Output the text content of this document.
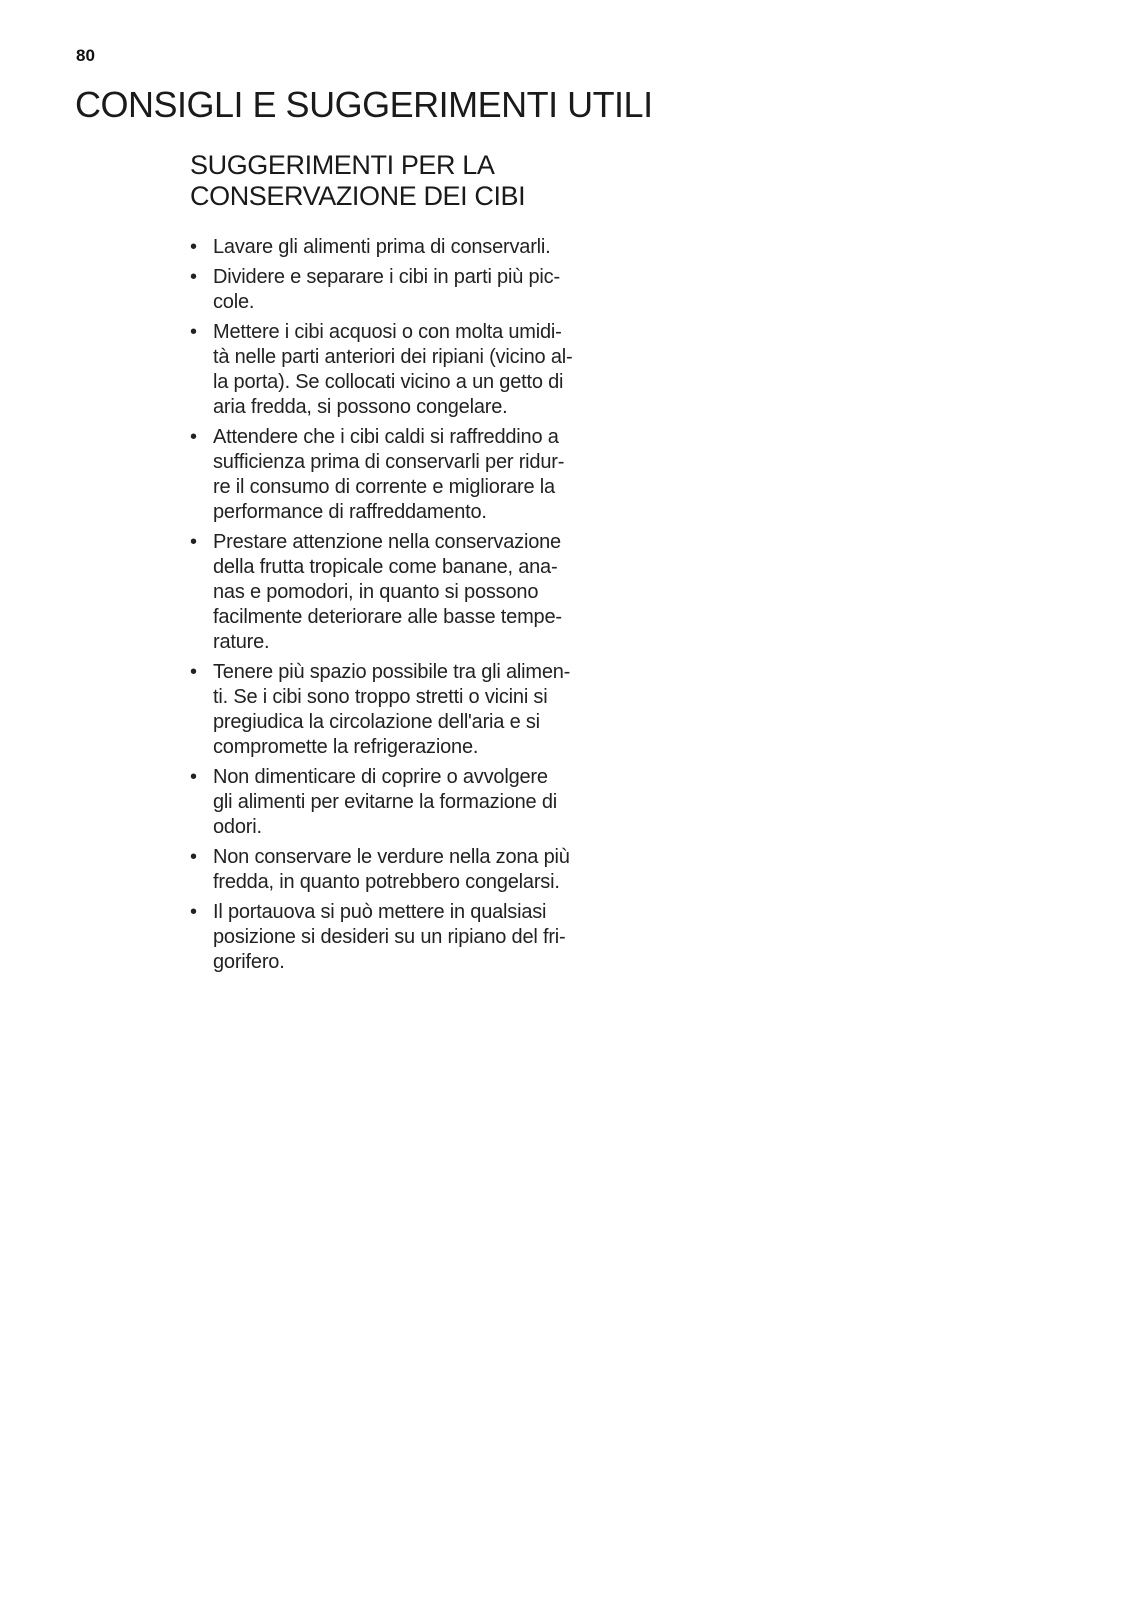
80
CONSIGLI E SUGGERIMENTI UTILI
SUGGERIMENTI PER LA
CONSERVAZIONE DEI CIBI
• Lavare gli alimenti prima di conservarli.
• Dividere e separare i cibi in parti più pic-
cole.
• Mettere i cibi acquosi o con molta umidi-
tà nelle parti anteriori dei ripiani (vicino al-
la porta). Se collocati vicino a un getto di
aria fredda, si possono congelare.
• Attendere che i cibi caldi si raffreddino a
sufficienza prima di conservarli per ridur-
re il consumo di corrente e migliorare la
performance di raffreddamento.
• Prestare attenzione nella conservazione
della frutta tropicale come banane, ana-
nas e pomodori, in quanto si possono
facilmente deteriorare alle basse tempe-
rature.
• Tenere più spazio possibile tra gli alimen-
ti. Se i cibi sono troppo stretti o vicini si
pregiudica la circolazione dell'aria e si
compromette la refrigerazione.
• Non dimenticare di coprire o avvolgere
gli alimenti per evitarne la formazione di
odori.
• Non conservare le verdure nella zona più
fredda, in quanto potrebbero congelarsi.
• Il portauova si può mettere in qualsiasi
posizione si desideri su un ripiano del fri-
gorifero.
